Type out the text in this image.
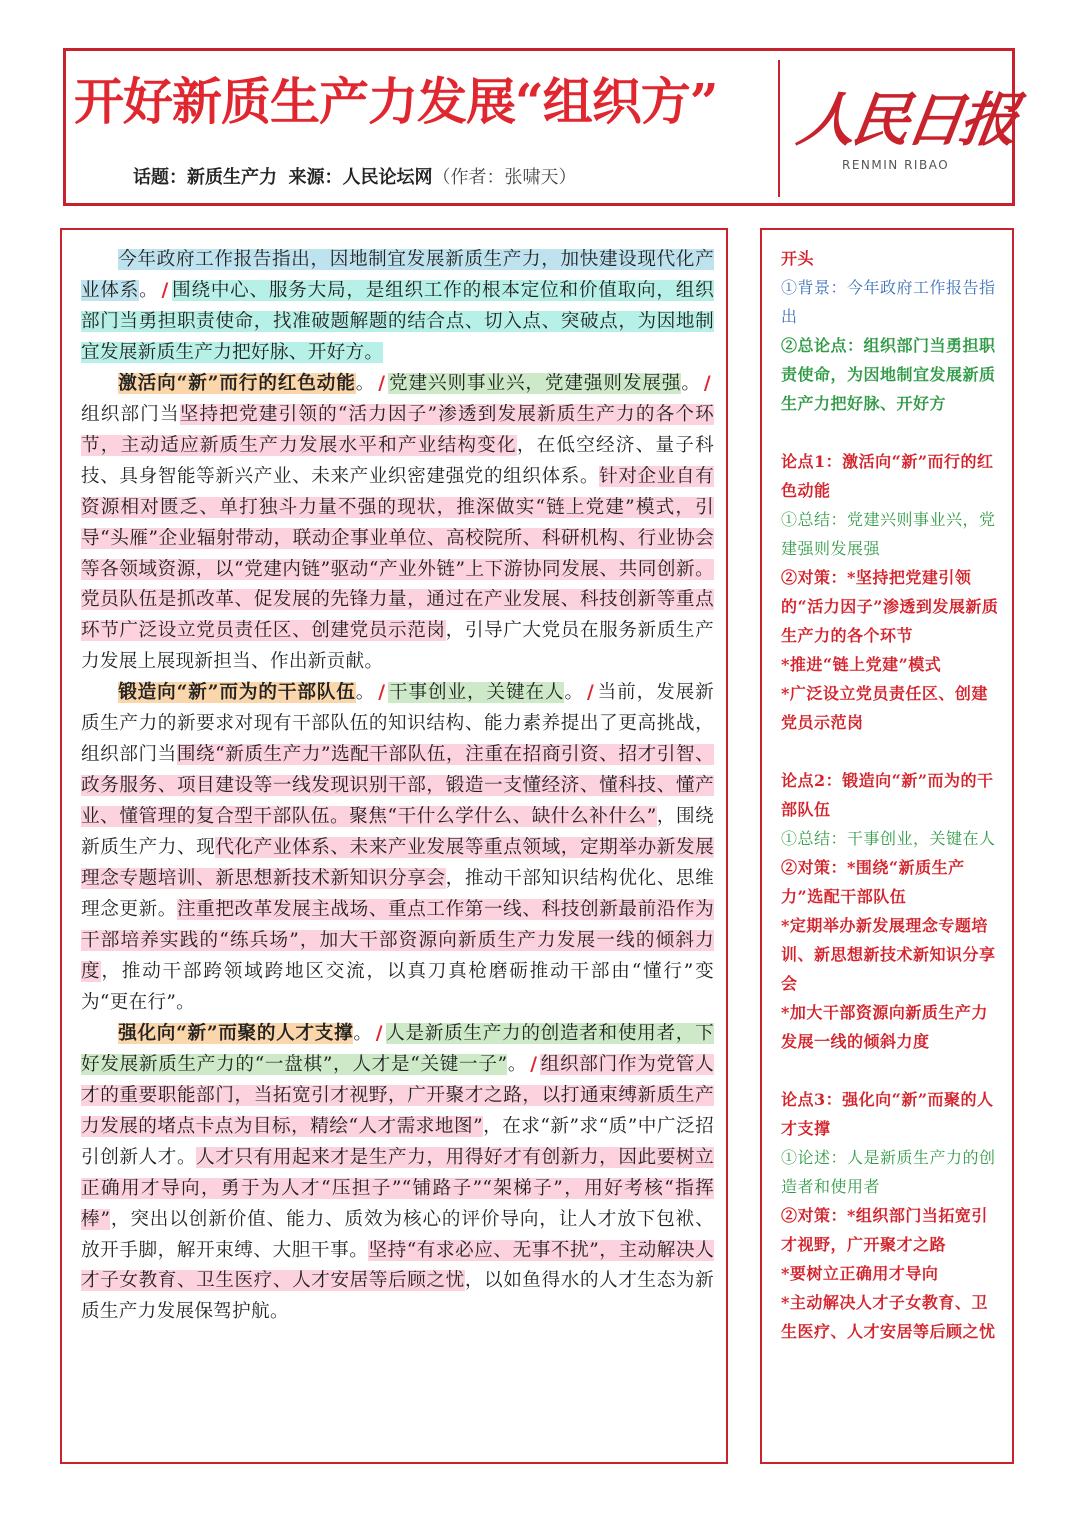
开好新质生产力发展“组织方”
话题：新质生产力 来源：人民论坛网（作者：张啸天）
人民日报
RENMIN RIBAO

今年政府工作报告指出，因地制宜发展新质生产力，加快建设现代化产业体系。 / 围绕中心、服务大局，是组织工作的根本定位和价值取向，组织部门当勇担职责使命，找准破题解题的结合点、切入点、突破点，为因地制宜发展新质生产力把好脉、开好方。

激活向“新”而行的红色动能。 / 党建兴则事业兴，党建强则发展强。 /组织部门当坚持把党建引领的“活力因子”渗透到发展新质生产力的各个环节，主动适应新质生产力发展水平和产业结构变化，在低空经济、量子科技、具身智能等新兴产业、未来产业织密建强党的组织体系。针对企业自有资源相对匮乏、单打独斗力量不强的现状，推深做实“链上党建”模式，引导“头雁”企业辐射带动，联动企事业单位、高校院所、科研机构、行业协会等各领域资源，以“党建内链”驱动“产业外链”上下游协同发展、共同创新。党员队伍是抓改革、促发展的先锋力量，通过在产业发展、科技创新等重点环节广泛设立党员责任区、创建党员示范岗，引导广大党员在服务新质生产力发展上展现新担当、作出新贡献。

锻造向“新”而为的干部队伍。 / 干事创业，关键在人。 / 当前，发展新质生产力的新要求对现有干部队伍的知识结构、能力素养提出了更高挑战，组织部门当围绕“新质生产力”选配干部队伍，注重在招商引资、招才引智、政务服务、项目建设等一线发现识别干部，锻造一支懂经济、懂科技、懂产业、懂管理的复合型干部队伍。聚焦“干什么学什么、缺什么补什么”，围绕新质生产力、现代化产业体系、未来产业发展等重点领域，定期举办新发展理念专题培训、新思想新技术新知识分享会，推动干部知识结构优化、思维理念更新。注重把改革发展主战场、重点工作第一线、科技创新最前沿作为干部培养实践的“练兵场”，加大干部资源向新质生产力发展一线的倾斜力度，推动干部跨领域跨地区交流，以真刀真枪磨砺推动干部由“懂行”变为“更在行”。

强化向“新”而聚的人才支撑。 / 人是新质生产力的创造者和使用者，下好发展新质生产力的“一盘棋”，人才是“关键一子”。 / 组织部门作为党管人才的重要职能部门，当拓宽引才视野，广开聚才之路，以打通束缚新质生产力发展的堵点卡点为目标，精绘“人才需求地图”，在求“新”求“质”中广泛招引创新人才。人才只有用起来才是生产力，用得好才有创新力，因此要树立正确用才导向，勇于为人才“压担子”“铺路子”“架梯子”，用好考核“指挥棒”，突出以创新价值、能力、质效为核心的评价导向，让人才放下包袱、放开手脚，解开束缚、大胆干事。坚持“有求必应、无事不扰”，主动解决人才子女教育、卫生医疗、人才安居等后顾之忧，以如鱼得水的人才生态为新质生产力发展保驾护航。

开头
①背景：今年政府工作报告指出
②总论点：组织部门当勇担职责使命，为因地制宜发展新质生产力把好脉、开好方
论点1：激活向“新”而行的红色动能
①总结：党建兴则事业兴，党建强则发展强
②对策：*坚持把党建引领的“活力因子”渗透到发展新质生产力的各个环节
*推进“链上党建”模式
*广泛设立党员责任区、创建党员示范岗
论点2：锻造向“新”而为的干部队伍
①总结：干事创业，关键在人
②对策：*围绕“新质生产力”选配干部队伍
*定期举办新发展理念专题培训、新思想新技术新知识分享会
*加大干部资源向新质生产力发展一线的倾斜力度
论点3：强化向“新”而聚的人才支撑
①论述：人是新质生产力的创造者和使用者
②对策：*组织部门当拓宽引才视野，广开聚才之路
*要树立正确用才导向
*主动解决人才子女教育、卫生医疗、人才安居等后顾之忧
